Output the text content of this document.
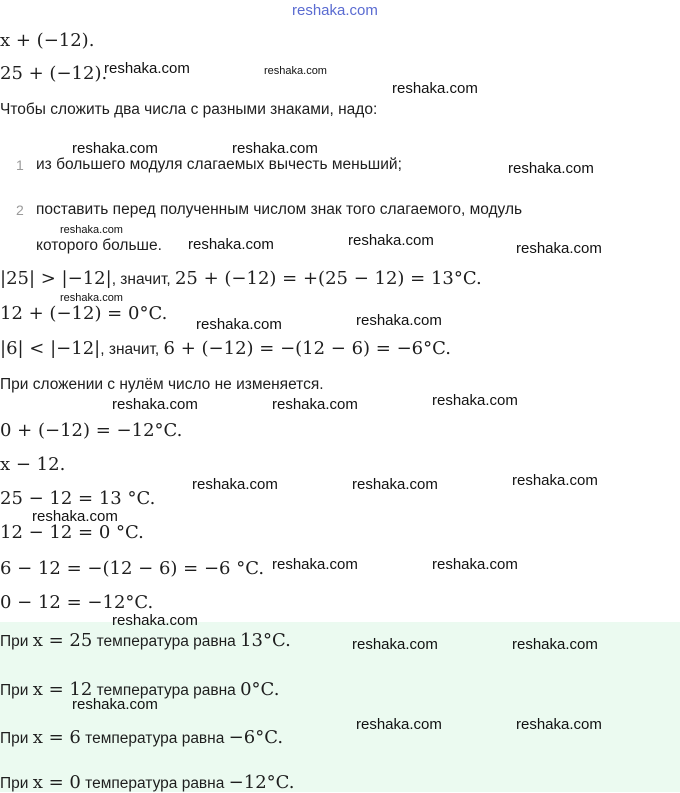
reshaka.com
x + (−12).
25 + (−12).
Чтобы сложить два числа с разными знаками, надо:
1 из большего модуля слагаемых вычесть меньший;
2 поставить перед полученным числом знак того слагаемого, модуль
которого больше.
|25| > |−12|, значит, 25 + (−12) = +(25 − 12) = 13°C.
12 + (−12) = 0°C.
|6| < |−12|, значит, 6 + (−12) = −(12 − 6) = −6°C.
При сложении с нулём число не изменяется.
0 + (−12) = −12°C.
x − 12.
25 − 12 = 13 °C.
12 − 12 = 0 °C.
6 − 12 = −(12 − 6) = −6 °C.
0 − 12 = −12°C.
При x = 25 температура равна 13°C.
При x = 12 температура равна 0°C.
При x = 6 температура равна −6°C.
При x = 0 температура равна −12°C.
reshaka.com	reshaka.com
reshaka.com
reshaka.com	reshaka.com
reshaka.com
reshaka.com
reshaka.com	reshaka.com	reshaka.com
reshaka.com
reshaka.com	reshaka.com
reshaka.com	reshaka.com	reshaka.com
reshaka.com	reshaka.com	reshaka.com
reshaka.com
reshaka.com	reshaka.com
reshaka.com
reshaka.com	reshaka.com
reshaka.com
reshaka.com	reshaka.com
